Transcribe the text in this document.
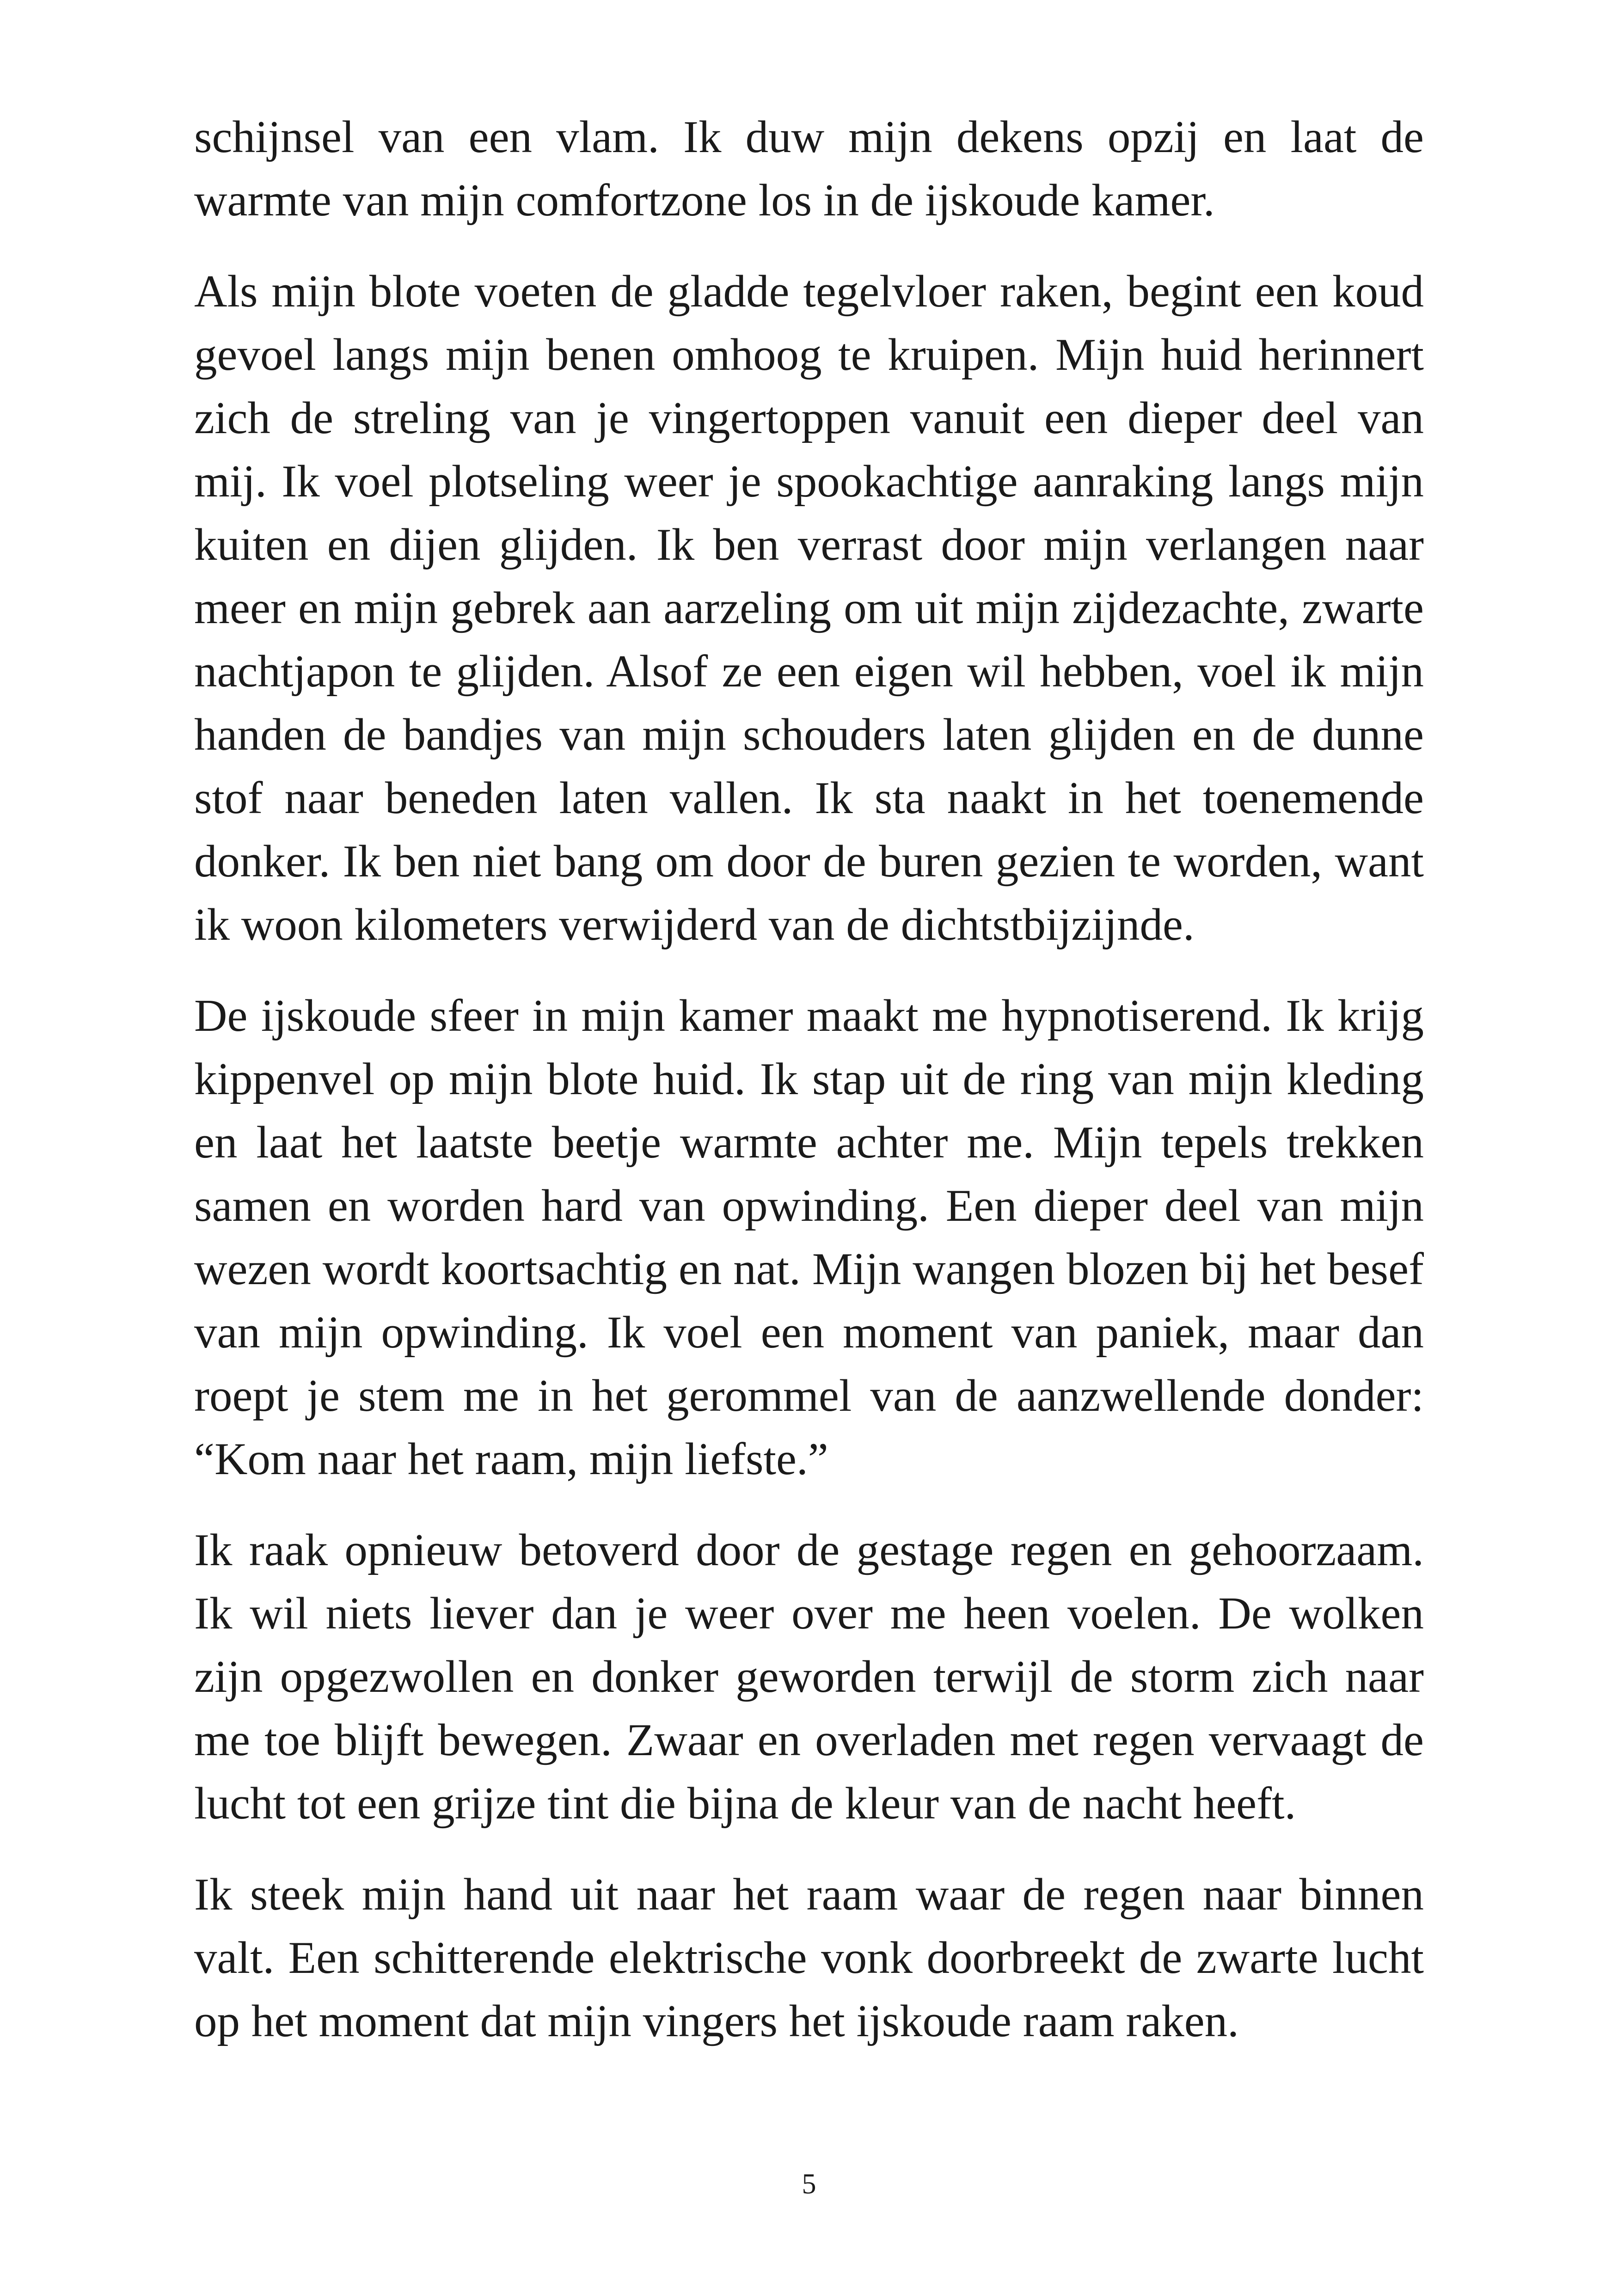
schijnsel van een vlam. Ik duw mijn dekens opzij en laat de warmte van mijn comfortzone los in de ijskoude kamer.

Als mijn blote voeten de gladde tegelvloer raken, begint een koud gevoel langs mijn benen omhoog te kruipen. Mijn huid herinnert zich de streling van je vingertoppen vanuit een dieper deel van mij. Ik voel plotseling weer je spookachtige aanraking langs mijn kuiten en dijen glijden. Ik ben verrast door mijn verlangen naar meer en mijn gebrek aan aarzeling om uit mijn zijdezachte, zwarte nachtjapon te glijden. Alsof ze een eigen wil hebben, voel ik mijn handen de bandjes van mijn schouders laten glijden en de dunne stof naar beneden laten vallen. Ik sta naakt in het toenemende donker. Ik ben niet bang om door de buren gezien te worden, want ik woon kilometers verwijderd van de dichtstbijzijnde.

De ijskoude sfeer in mijn kamer maakt me hypnotiserend. Ik krijg kippenvel op mijn blote huid. Ik stap uit de ring van mijn kleding en laat het laatste beetje warmte achter me. Mijn tepels trekken samen en worden hard van opwinding. Een dieper deel van mijn wezen wordt koortsachtig en nat. Mijn wangen blozen bij het besef van mijn opwinding. Ik voel een moment van paniek, maar dan roept je stem me in het gerommel van de aanzwellende donder: “Kom naar het raam, mijn liefste.”

Ik raak opnieuw betoverd door de gestage regen en gehoorzaam. Ik wil niets liever dan je weer over me heen voelen. De wolken zijn opgezwollen en donker geworden terwijl de storm zich naar me toe blijft bewegen. Zwaar en overladen met regen vervaagt de lucht tot een grijze tint die bijna de kleur van de nacht heeft.

Ik steek mijn hand uit naar het raam waar de regen naar binnen valt. Een schitterende elektrische vonk doorbreekt de zwarte lucht op het moment dat mijn vingers het ijskoude raam raken.

5
